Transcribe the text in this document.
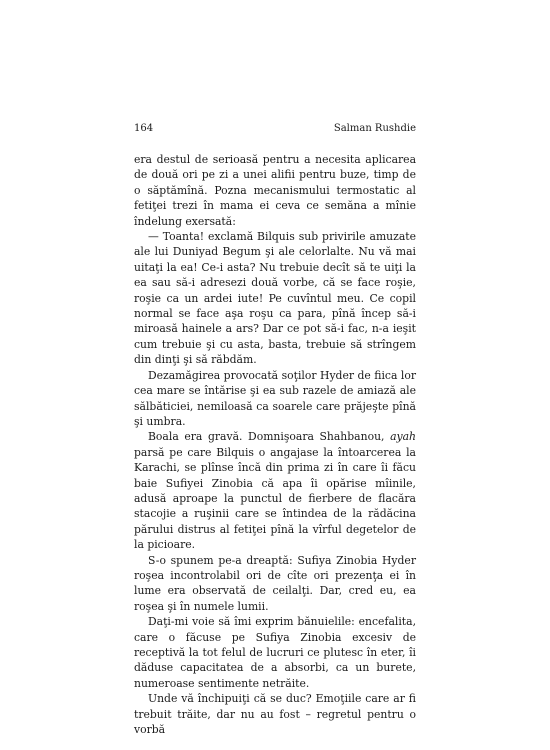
164	Salman Rushdie

era destul de serioasă pentru a necesita aplicarea de două ori pe zi a unei alifii pentru buze, timp de o săptămînă. Pozna mecanismului termostatic al fetiţei trezi în mama ei ceva ce semăna a mînie îndelung exersată:

— Toanta! exclamă Bilquis sub privirile amuzate ale lui Duniyad Begum şi ale celorlalte. Nu vă mai uitaţi la ea! Ce-i asta? Nu trebuie decît să te uiţi la ea sau să-i adresezi două vorbe, că se face roşie, roşie ca un ardei iute! Pe cuvîntul meu. Ce copil normal se face aşa roşu ca para, pînă încep să-i miroasă hainele a ars? Dar ce pot să-i fac, n-a ieşit cum trebuie şi cu asta, basta, trebuie să strîngem din dinţi şi să răbdăm.

Dezamăgirea provocată soţilor Hyder de fiica lor cea mare se întărise şi ea sub razele de amiază ale sălbăticiei, nemiloasă ca soarele care prăjeşte pînă şi umbra.

Boala era gravă. Domnişoara Shahbanou, ayah parsă pe care Bilquis o angajase la întoarcerea la Karachi, se plînse încă din prima zi în care îi făcu baie Sufiyei Zinobia că apa îi opărise mîinile, adusă aproape la punctul de fierbere de flacăra stacojie a ruşinii care se întindea de la rădăcina părului distrus al fetiţei pînă la vîrful degetelor de la picioare.

S-o spunem pe-a dreaptă: Sufiya Zinobia Hyder roşea incontrolabil ori de cîte ori prezenţa ei în lume era observată de ceilalţi. Dar, cred eu, ea roşea şi în numele lumii.

Daţi-mi voie să îmi exprim bănuielile: encefalita, care o făcuse pe Sufiya Zinobia excesiv de receptivă la tot felul de lucruri ce plutesc în eter, îi dăduse capacitatea de a absorbi, ca un burete, numeroase sentimente netrăite.

Unde vă închipuiţi că se duc? Emoţiile care ar fi trebuit trăite, dar nu au fost – regretul pentru o vorbă
